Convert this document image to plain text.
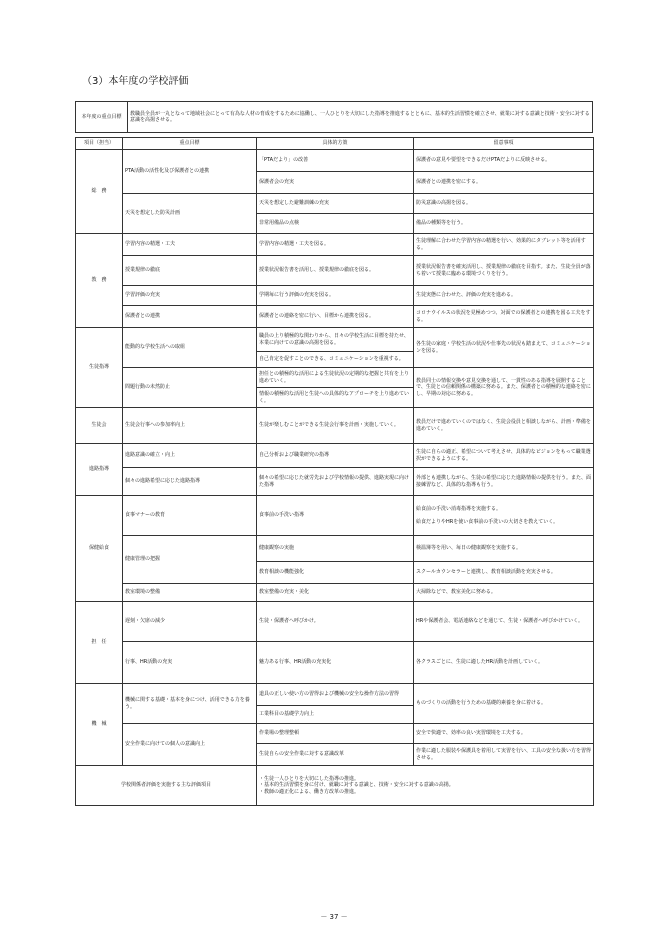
（3）本年度の学校評価
本年度の重点目標	教職員全員が一丸となって地域社会にとって有為な人材の育成をするために協働し、一人ひとりを大切にした指導を推進するとともに、基本的生活習慣を確立させ、就業に対する意識と技術・安全に対する意識を高揚させる。
項目（担当）	重点目標	具体的方策	留意事項
総　務	PTA活動の活性化及び保護者との連携	「PTAだより」の改善	保護者の意見や要望をできるだけPTAだよりに反映させる。
		保護者会の充実	保護者との連携を密にする。
	天災を想定した防災計画	天災を想定した避難訓練の充実	防災意識の高揚を図る。
		非常用備品の点検	備品の種類等を行う。
教　務	学習内容の精選・工夫	学習内容の精選・工夫を図る。	生徒理解に合わせた学習内容の精選を行い、効果的にタブレット等を活用する。
	授業規律の徹底	授業状況報告書を活用し、授業規律の徹底を図る。	授業状況報告書を確実活用し、授業規律の徹底を目指す。また、生徒全員が落ち着いて授業に臨める環境づくりを行う。
	学習評価の充実	学期毎に行う評価の充実を図る。	生徒実態に合わせた、評価の充実を進める。
	保護者との連携	保護者との連絡を密に行い、目標から連携を図る。	コロナウイルスの状況を見極めつつ、対面での保護者との連携を図る工夫をする。
生徒指導	能動的な学校生活への取組	職員の上り積極的な関わりから、日々の学校生活に目標を持たせ、本業に向けての意識の高揚を図る。	各生徒の家庭・学校生活の状況や仕事先の状況も踏まえて、コミュニケーションを図る。
		自己肯定を促すことのできる、コミュニケーションを重視する。	
	問題行動の未然防止	担任との積極的な活用による生徒状況の定期的な把握と共有を上り進めていく。	教員同士の情報交換や意見交換を通して、一貫性のある指導を展開することで、生徒との信頼関係の構築に努める。また、保護者との積極的な連絡を密にし、早期の対応に努める。
		情報の積極的な活用と生徒への具体的なアプローチを上り進めていく。	
生徒会	生徒会行事への参加率向上	生徒が楽しむことができる生徒会行事を計画・実施していく。	教員だけで進めていくのではなく、生徒会役員と相談しながら、計画・準備を進めていく。
進路指導	進路意識の確立・向上	自己分析および職業研究の指導	生徒に自らの適正、希望について考えさせ、具体的なビジョンをもって職業選択ができるようにする。
	個々の進路希望に応じた進路指導	個々の希望に応じた就労先および学校情報の提供、進路実現に向けた指導	外部とも連携しながら、生徒の希望に応じた進路情報の提供を行う。また、面接練習など、具体的な指導も行う。
保健給食	食事マナーの教育	食事前の手洗い指導	給食前の手洗い消毒指導を実施する。
給食だよりやHRを使い食事前の手洗いの大切さを教えていく。

	健康管理の把握	健康観察の実施	検温簿等を用い、毎日の健康観察を実施する。
		教育相談の機能強化	スクールカウンセラーと連携し、教育相談活動を充実させる。
	教室環境の整備	教室整備の充実・美化	大掃除などで、教室美化に努める。
担　任	遅刻・欠席の減少	生徒・保護者へ呼びかけ。	HRや保護者会、電話連絡などを通じて、生徒・保護者へ呼びかけていく。
	行事、HR活動の充実	魅力ある行事、HR活動の充実化	各クラスごとに、生徒に適したHR活動を計画していく。
機　械	機械に関する基礎・基本を身につけ、活用できる力を養う。	道具の正しい使い方の習得および機械の安全な操作方法の習得	ものづくりの活動を行うための基礎的素養を身に着ける。
		工業科目の基礎学力向上	
	安全作業に向けての個人の意識向上	作業場の整理整頓	安全で快適で、効率の良い実習環境を工夫する。
		生徒自らの安全作業に対する意識改革	作業に適した服装や保護具を着用して実習を行い、工具の安全な扱い方を習得させる。
学校関係者評価を実施する主な評価項目		・生徒一人ひとりを大切にした指導の推進。
・基本的生活習慣を身に付け、就職に対する意識と、技術・安全に対する意識の高揚。
・教師の適正化による、働き方改革の推進。	
－ 37 －
